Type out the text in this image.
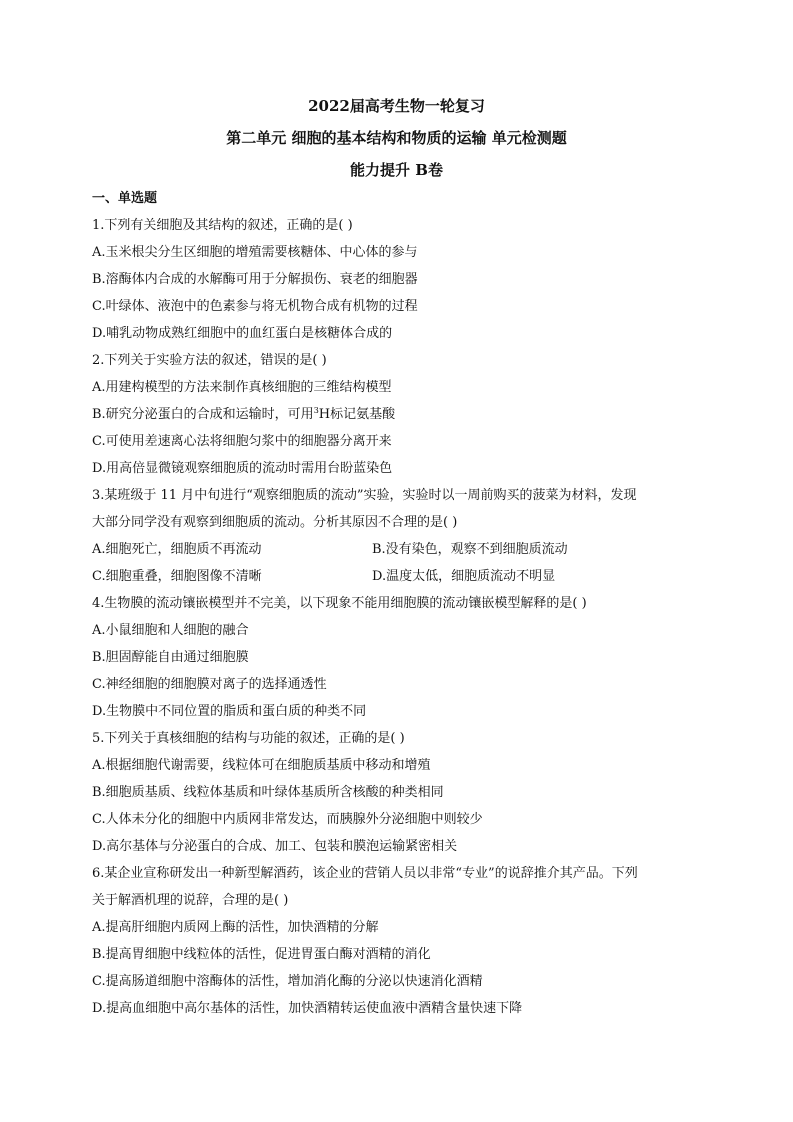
2022届高考生物一轮复习
第二单元 细胞的基本结构和物质的运输 单元检测题
能力提升 B卷
一、单选题
1.下列有关细胞及其结构的叙述，正确的是( )
A.玉米根尖分生区细胞的增殖需要核糖体、中心体的参与
B.溶酶体内合成的水解酶可用于分解损伤、衰老的细胞器
C.叶绿体、液泡中的色素参与将无机物合成有机物的过程
D.哺乳动物成熟红细胞中的血红蛋白是核糖体合成的
2.下列关于实验方法的叙述，错误的是( )
A.用建构模型的方法来制作真核细胞的三维结构模型
B.研究分泌蛋白的合成和运输时，可用$^3$H标记氨基酸
C.可使用差速离心法将细胞匀浆中的细胞器分离开来
D.用高倍显微镜观察细胞质的流动时需用台盼蓝染色
3.某班级于 11 月中旬进行“观察细胞质的流动”实验，实验时以一周前购买的菠菜为材料，发现
大部分同学没有观察到细胞质的流动。分析其原因不合理的是( )
A.细胞死亡，细胞质不再流动	B.没有染色，观察不到细胞质流动
C.细胞重叠，细胞图像不清晰	D.温度太低，细胞质流动不明显
4.生物膜的流动镶嵌模型并不完美，以下现象不能用细胞膜的流动镶嵌模型解释的是( )
A.小鼠细胞和人细胞的融合
B.胆固醇能自由通过细胞膜
C.神经细胞的细胞膜对离子的选择通透性
D.生物膜中不同位置的脂质和蛋白质的种类不同
5.下列关于真核细胞的结构与功能的叙述，正确的是( )
A.根据细胞代谢需要，线粒体可在细胞质基质中移动和增殖
B.细胞质基质、线粒体基质和叶绿体基质所含核酸的种类相同
C.人体未分化的细胞中内质网非常发达，而胰腺外分泌细胞中则较少
D.高尔基体与分泌蛋白的合成、加工、包装和膜泡运输紧密相关
6.某企业宣称研发出一种新型解酒药，该企业的营销人员以非常“专业”的说辞推介其产品。下列
关于解酒机理的说辞，合理的是( )
A.提高肝细胞内质网上酶的活性，加快酒精的分解
B.提高胃细胞中线粒体的活性，促进胃蛋白酶对酒精的消化
C.提高肠道细胞中溶酶体的活性，增加消化酶的分泌以快速消化酒精
D.提高血细胞中高尔基体的活性，加快酒精转运使血液中酒精含量快速下降
